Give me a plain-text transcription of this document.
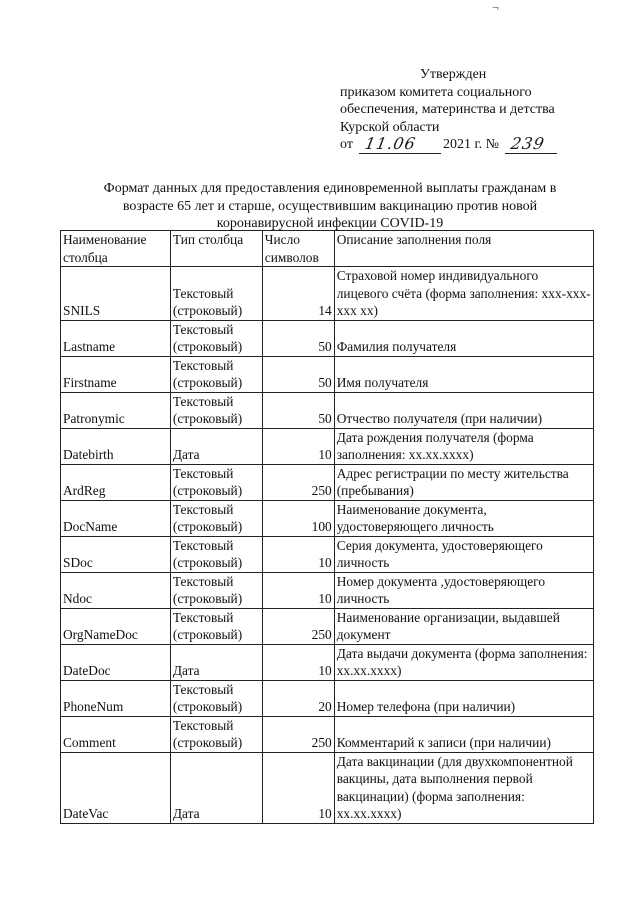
Утвержден
приказом комитета социального
обеспечения, материнства и детства
Курской области
от 11.06 2021 г. № 239
Формат данных для предоставления единовременной выплаты гражданам в
возрасте 65 лет и старше, осуществившим вакцинацию против новой
коронавирусной инфекции COVID-19
Наименование столбца	Тип столбца	Число символов	Описание заполнения поля
SNILS	Текстовый (строковый)	14	Страховой номер индивидуального лицевого счёта (форма заполнения: ххх-ххх-ххх хх)
Lastname	Текстовый (строковый)	50	Фамилия получателя
Firstname	Текстовый (строковый)	50	Имя получателя
Patronymic	Текстовый (строковый)	50	Отчество получателя (при наличии)
Datebirth	Дата	10	Дата рождения получателя (форма заполнения: хх.хх.хххх)
ArdReg	Текстовый (строковый)	250	Адрес регистрации по месту жительства (пребывания)
DocName	Текстовый (строковый)	100	Наименование документа, удостоверяющего личность
SDoc	Текстовый (строковый)	10	Серия документа, удостоверяющего личность
Ndoc	Текстовый (строковый)	10	Номер документа ,удостоверяющего личность
OrgNameDoc	Текстовый (строковый)	250	Наименование организации, выдавшей документ
DateDoc	Дата	10	Дата выдачи документа (форма заполнения: хх.хх.хххх)
PhoneNum	Текстовый (строковый)	20	Номер телефона (при наличии)
Comment	Текстовый (строковый)	250	Комментарий к записи (при наличии)
DateVac	Дата	10	Дата вакцинации (для двухкомпонентной вакцины, дата выполнения первой вакцинации) (форма заполнения: хх.хх.хххх)
¬
